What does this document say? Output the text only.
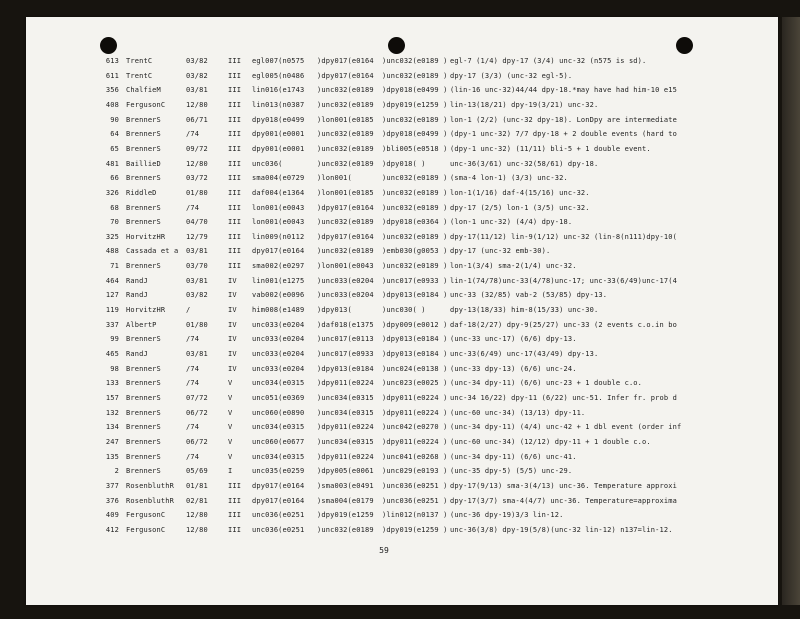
613 TrentC	03/82	III	egl007(n0575	)dpy017(e0164	)unc032(e0189 ) egl-7 (1/4) dpy-17 (3/4) unc-32 (n575 is sd).
611 TrentC	03/82	III	egl005(n0486	)dpy017(e0164	)unc032(e0189 ) dpy-17 (3/3) (unc-32 egl-5).
356 ChalfieM	03/81	III	lin016(e1743	)unc032(e0189	)dpy018(e0499 ) (lin-16 unc-32)44/44 dpy-18.*may have had him-10 e15
408 FergusonC	12/80	III	lin013(n0387	)unc032(e0189	)dpy019(e1259 ) lin-13(18/21) dpy-19(3/21) unc-32.
90 BrennerS	06/71	III	dpy018(e0499	)lon001(e0185	)unc032(e0189 ) lon-1 (2/2) (unc-32 dpy-18). LonDpy are intermediate
64 BrennerS	/74	III	dpy001(e0001	)unc032(e0189	)dpy018(e0499 ) (dpy-1 unc-32) 7/7 dpy-18 + 2 double events (hard to
65 BrennerS	09/72	III	dpy001(e0001	)unc032(e0189	)bli005(e0518 ) (dpy-1 unc-32) (11/11) bli-5 + 1 double event.
481 BaillieD	12/80	III	unc036(	)unc032(e0189	)dpy018( )	unc-36(3/61) unc-32(58/61) dpy-18.
66 BrennerS	03/72	III	sma004(e0729	)lon001(	)unc032(e0189 ) (sma-4 lon-1) (3/3) unc-32.
326 RiddleD	01/80	III	daf004(e1364	)lon001(e0185	)unc032(e0189 ) lon-1(1/16) daf-4(15/16) unc-32.
68 BrennerS	/74	III	lon001(e0043	)dpy017(e0164	)unc032(e0189 ) dpy-17 (2/5) lon-1 (3/5) unc-32.
70 BrennerS	04/70	III	lon001(e0043	)unc032(e0189	)dpy018(e0364 ) (lon-1 unc-32) (4/4) dpy-18.
325 HorvitzHR	12/79	III	lin009(n0112	)dpy017(e0164	)unc032(e0189 ) dpy-17(11/12) lin-9(1/12) unc-32 (lin-8(n111)dpy-10(
488 Cassada et a	03/81	III	dpy017(e0164	)unc032(e0189	)emb030(g0053 ) dpy-17 (unc-32 emb-30).
71 BrennerS	03/70	III	sma002(e0297	)lon001(e0043	)unc032(e0189 ) lon-1(3/4) sma-2(1/4) unc-32.
464 RandJ	03/81	IV	lin001(e1275	)unc033(e0204	)unc017(e0933 ) lin-1(74/78)unc-33(4/78)unc-17; unc-33(6/49)unc-17(4
127 RandJ	03/82	IV	vab002(e0096	)unc033(e0204	)dpy013(e0184 ) unc-33 (32/85) vab-2 (53/85) dpy-13.
119 HorvitzHR	/	IV	him008(e1489	)dpy013(	)unc030( )	dpy-13(18/33) him-8(15/33) unc-30.
337 AlbertP	01/80	IV	unc033(e0204	)daf018(e1375	)dpy009(e0012 ) daf-18(2/27) dpy-9(25/27) unc-33 (2 events c.o.in bo
99 BrennerS	/74	IV	unc033(e0204	)unc017(e0113	)dpy013(e0184 ) (unc-33 unc-17) (6/6) dpy-13.
465 RandJ	03/81	IV	unc033(e0204	)unc017(e0933	)dpy013(e0184 ) unc-33(6/49) unc-17(43/49) dpy-13.
98 BrennerS	/74	IV	unc033(e0204	)dpy013(e0184	)unc024(e0138 ) (unc-33 dpy-13) (6/6) unc-24.
133 BrennerS	/74	V	unc034(e0315	)dpy011(e0224	)unc023(e0025 ) (unc-34 dpy-11) (6/6) unc-23 + 1 double c.o.
157 BrennerS	07/72	V	unc051(e0369	)unc034(e0315	)dpy011(e0224 ) unc-34 16/22) dpy-11 (6/22) unc-51. Infer fr. prob d
132 BrennerS	06/72	V	unc060(e0890	)unc034(e0315	)dpy011(e0224 ) (unc-60 unc-34) (13/13) dpy-11.
134 BrennerS	/74	V	unc034(e0315	)dpy011(e0224	)unc042(e0270 ) (unc-34 dpy-11) (4/4) unc-42 + 1 dbl event (order inf
247 BrennerS	06/72	V	unc060(e0677	)unc034(e0315	)dpy011(e0224 ) (unc-60 unc-34) (12/12) dpy-11 + 1 double c.o.
135 BrennerS	/74	V	unc034(e0315	)dpy011(e0224	)unc041(e0268 ) (unc-34 dpy-11) (6/6) unc-41.
2 BrennerS	05/69	I	unc035(e0259	)dpy005(e0061	)unc029(e0193 ) (unc-35 dpy-5) (5/5) unc-29.
377 RosenbluthR	01/81	III	dpy017(e0164	)sma003(e0491	)unc036(e0251 ) dpy-17(9/13) sma-3(4/13) unc-36. Temperature approxi
376 RosenbluthR	02/81	III	dpy017(e0164	)sma004(e0179	)unc036(e0251 ) dpy-17(3/7) sma-4(4/7) unc-36. Temperature=approxima
409 FergusonC	12/80	III	unc036(e0251	)dpy019(e1259	)lin012(n0137 ) (unc-36 dpy-19)3/3 lin-12.
412 FergusonC	12/80	III	unc036(e0251	)unc032(e0189	)dpy019(e1259 ) unc-36(3/8) dpy-19(5/8)(unc-32 lin-12) n137=lin-12.
59
